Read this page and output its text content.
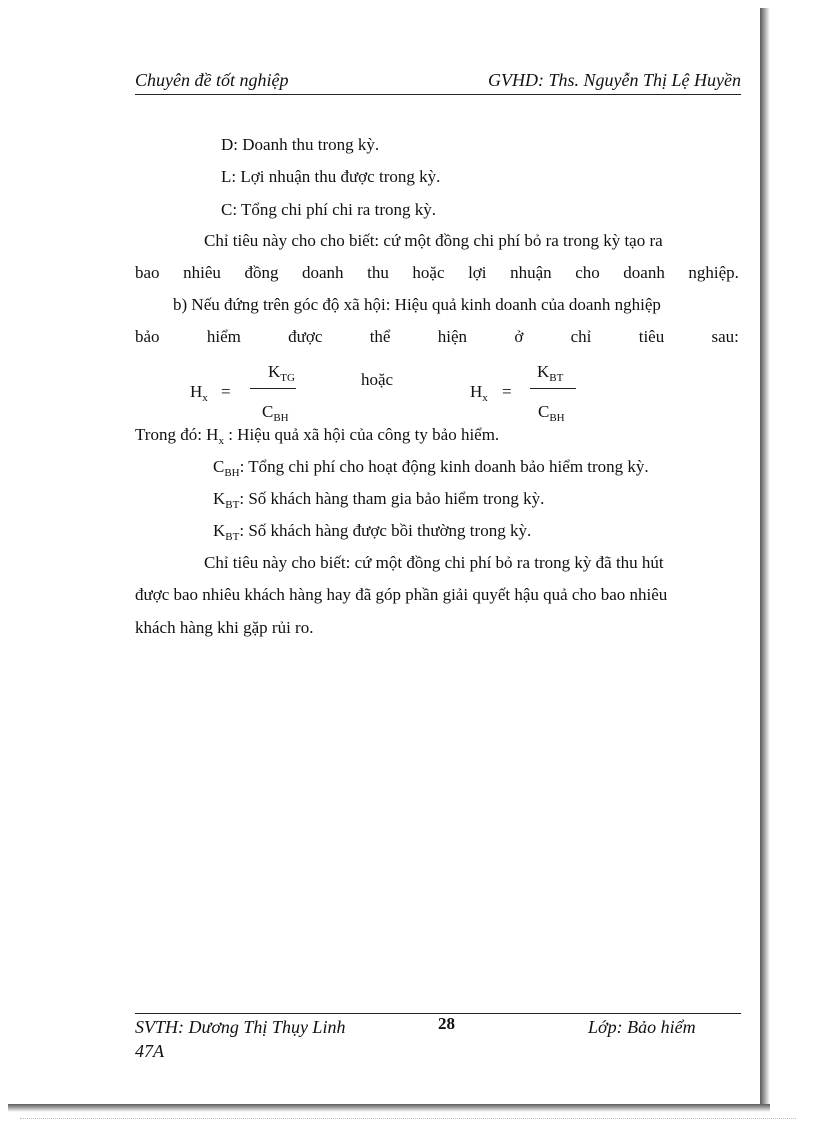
Chuyên đề tốt nghiệp	GVHD: Ths. Nguyễn Thị Lệ Huyền
D: Doanh thu trong kỳ.
L: Lợi nhuận thu được trong kỳ.
C: Tổng chi phí chi ra trong kỳ.
Chỉ tiêu này cho cho biết: cứ một đồng chi phí bỏ ra trong kỳ tạo ra
bao nhiêu đồng doanh thu hoặc lợi nhuận cho doanh nghiệp.
b) Nếu đứng trên góc độ xã hội: Hiệu quả kinh doanh của doanh nghiệp
bảo	hiểm	được	thể	hiện	ở	chỉ	tiêu	sau:
$H_x$ =
$K_{TG}$
$C_{BH}$
hoặc
$H_x$ =
$K_{BT}$
$C_{BH}$
Trong đó: $H_x$ : Hiệu quả xã hội của công ty bảo hiểm.
$C_{BH}$: Tổng chi phí cho hoạt động kinh doanh bảo hiểm trong kỳ.
$K_{BT}$: Số khách hàng tham gia bảo hiểm trong kỳ.
$K_{BT}$: Số khách hàng được bồi thường trong kỳ.
Chỉ tiêu này cho biết: cứ một đồng chi phí bỏ ra trong kỳ đã thu hút
được bao nhiêu khách hàng hay đã góp phần giải quyết hậu quả cho bao nhiêu
khách hàng khi gặp rủi ro.
SVTH: Dương Thị Thụy Linh	28	Lớp: Bảo hiểm
47A
